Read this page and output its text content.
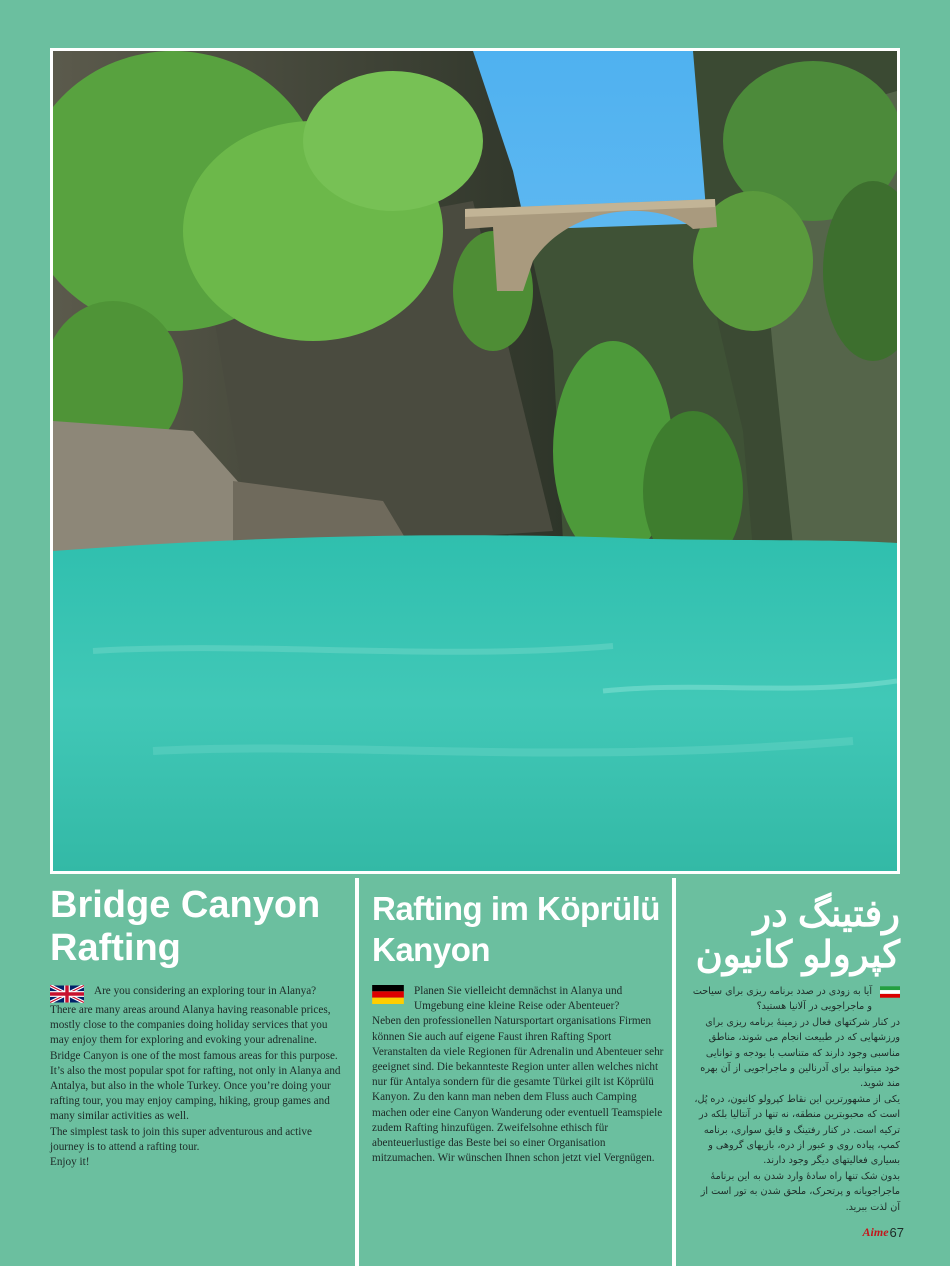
Bridge Canyon Rafting
Rafting im Köprülü Kanyon
رفتینگ در کپرولو کانیون

Are you considering an exploring tour in Alanya?

There are many areas around Alanya having reasonable prices, mostly close to the companies doing holiday services that you may enjoy them for exploring and evoking your adrenaline.

Bridge Canyon is one of the most famous areas for this purpose. It’s also the most popular spot for rafting, not only in Alanya and Antalya, but also in the whole Turkey. Once you’re doing your rafting tour, you may enjoy camping, hiking, group games and many similar activities as well.

The simplest task to join this super adventurous and active journey is to attend a rafting tour.

Enjoy it!

Planen Sie vielleicht demnächst in Alanya und Umgebung eine kleine Reise oder Abenteuer?

Neben den professionellen Natursportart organisations Firmen können Sie auch auf eigene Faust ihren Rafting Sport Veranstalten da viele Regionen für Adrenalin und Abenteuer sehr geeignet sind. Die bekannteste Region unter allen welches nicht nur für Antalya sondern für die gesamte Türkei gilt ist Köprülü Kanyon. Zu den kann man neben dem Fluss auch Camping machen oder eine Canyon Wanderung oder eventuell Teamspiele zudem Rafting hinzufügen. Zweifelsohne ethisch für abenteuerlustige das Beste bei so einer Organisation mitzumachen. Wir wünschen Ihnen schon jetzt viel Vergnügen.

آیا به زودی در صدد برنامه ریزی برای سیاحت و ماجراجویی در آلانیا هستید؟

در کنار شرکتهای فعال در زمینهٔ برنامه ریزی برای ورزشهایی که در طبیعت انجام می شوند، مناطق مناسبی وجود دارند که متناسب با بودجه و توانایی خود میتوانید برای آدرنالین و ماجراجویی از آن بهره مند شوید.

یکی از مشهورترین این نقاط کپرولو کانیون، دره پُل، است که محبوبترین منطقه، نه تنها در آنتالیا بلکه در ترکیه است. در کنار رفتینگ و قایق سواری، برنامه کمپ، پیاده روی و عبور از دره، بازیهای گروهی و بسیاری فعالیتهای دیگر وجود دارند.

بدون شک تنها راه سادهٔ وارد شدن به این برنامهٔ ماجراجویانه و پرتحرک، ملحق شدن به تور است از آن لذت ببرید.

Aime 67
